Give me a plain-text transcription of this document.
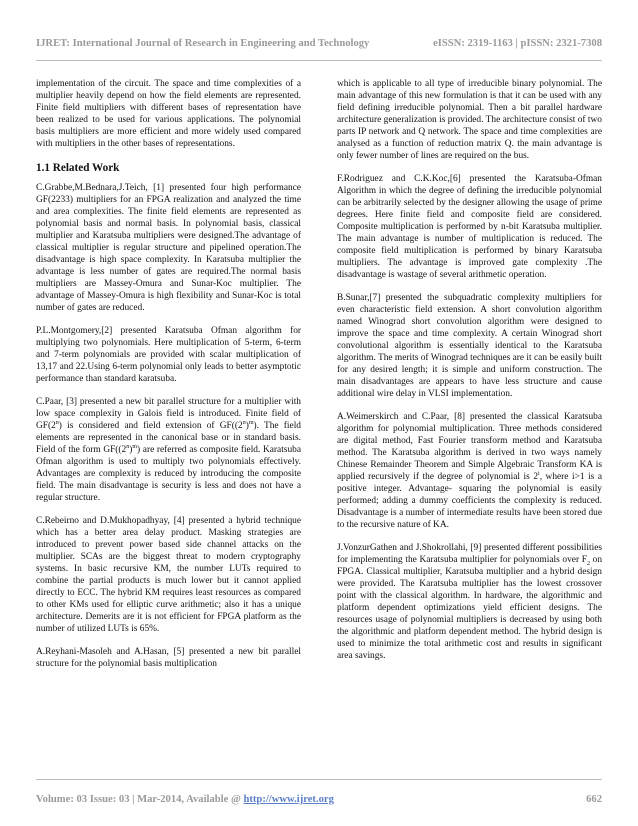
IJRET: International Journal of Research in Engineering and Technology	eISSN: 2319-1163 | pISSN: 2321-7308

implementation of the circuit. The space and time complexities of a multiplier heavily depend on how the field elements are represented. Finite field multipliers with different bases of representation have been realized to be used for various applications. The polynomial basis multipliers are more efficient and more widely used compared with multipliers in the other bases of representations.

1.1 Related Work

C.Grabbe,M.Bednara,J.Teich, [1] presented four high performance GF(2233) multipliers for an FPGA realization and analyzed the time and area complexities. The finite field elements are represented as polynomial basis and normal basis. In polynomial basis, classical multiplier and Karatsuba multipliers were designed.The advantage of classical multiplier is regular structure and pipelined operation.The disadvantage is high space complexity. In Karatsuba multiplier the advantage is less number of gates are required.The normal basis multipliers are Massey-Omura and Sunar-Koc multiplier. The advantage of Massey-Omura is high flexibility and Sunar-Koc is total number of gates are reduced.

P.L.Montgomery,[2] presented Karatsuba Ofman algorithm for multiplying two polynomials. Here multiplication of 5-term, 6-term and 7-term polynomials are provided with scalar multiplication of 13,17 and 22.Using 6-term polynomial only leads to better asymptotic performance than standard karatsuba.

C.Paar, [3] presented a new bit parallel structure for a multiplier with low space complexity in Galois field is introduced. Finite field of GF(2$^n$) is considered and field extension of $GF((2^n)^m)$. The field elements are represented in the canonical base or in standard basis. Field of the form $GF((2^n)^m)$ are referred as composite field. Karatsuba Ofman algorithm is used to multiply two polynomials effectively. Advantages are complexity is reduced by introducing the composite field. The main disadvantage is security is less and does not have a regular structure.

C.Rebeirno and D.Mukhopadhyay, [4] presented a hybrid technique which has a better area delay product. Masking strategies are introduced to prevent power based side channel attacks on the multiplier. SCAs are the biggest threat to modern cryptography systems. In basic recursive KM, the number LUTs required to combine the partial products is much lower but it cannot applied directly to ECC. The hybrid KM requires least resources as compared to other KMs used for elliptic curve arithmetic; also it has a unique architecture. Demerits are it is not efficient for FPGA platform as the number of utilized LUTs is 65%.

A.Reyhani-Masoleh and A.Hasan, [5] presented a new bit parallel structure for the polynomial basis multiplication

which is applicable to all type of irreducible binary polynomial. The main advantage of this new formulation is that it can be used with any field defining irreducible polynomial. Then a bit parallel hardware architecture generalization is provided. The architecture consist of two parts IP network and Q network. The space and time complexities are analysed as a function of reduction matrix Q. the main advantage is only fewer number of lines are required on the bus.

F.Rodriguez and C.K.Koc,[6] presented the Karatsuba-Ofman Algorithm in which the degree of defining the irreducible polynomial can be arbitrarily selected by the designer allowing the usage of prime degrees. Here finite field and composite field are considered. Composite multiplication is performed by n-bit Karatsuba multiplier. The main advantage is number of multiplication is reduced. The composite field multiplication is performed by binary Karatsuba multipliers. The advantage is improved gate complexity .The disadvantage is wastage of several arithmetic operation.

B.Sunar,[7] presented the subquadratic complexity multipliers for even characteristic field extension. A short convolution algorithm named Winograd short convolution algorithm were designed to improve the space and time complexity. A certain Winograd short convolutional algorithm is essentially identical to the Karatsuba algorithm. The merits of Winograd techniques are it can be easily built for any desired length; it is simple and uniform construction. The main disadvantages are appears to have less structure and cause additional wire delay in VLSI implementation.

A.Weimerskirch and C.Paar, [8] presented the classical Karatsuba algorithm for polynomial multiplication. Three methods considered are digital method, Fast Fourier transform method and Karatsuba method. The Karatsuba algorithm is derived in two ways namely Chinese Remainder Theorem and Simple Algebraic Transform KA is applied recursively if the degree of polynomial is 2$^i$, where i>1 is a positive integer. Advantage- squaring the polynomial is easily performed; adding a dummy coefficients the complexity is reduced. Disadvantage is a number of intermediate results have been stored due to the recursive nature of KA.

J.VonzurGathen and J.Shokrollahi, [9] presented different possibilities for implementing the Karatsuba multiplier for polynomials over $F_2$ on FPGA. Classical multiplier, Karatsuba multiplier and a hybrid design were provided. The Karatsuba multiplier has the lowest crossover point with the classical algorithm. In hardware, the algorithmic and platform dependent optimizations yield efficient designs. The resources usage of polynomial multipliers is decreased by using both the algorithmic and platform dependent method. The hybrid design is used to minimize the total arithmetic cost and results in significant area savings.

Volume: 03 Issue: 03 | Mar-2014, Available @ http://www.ijret.org	662
